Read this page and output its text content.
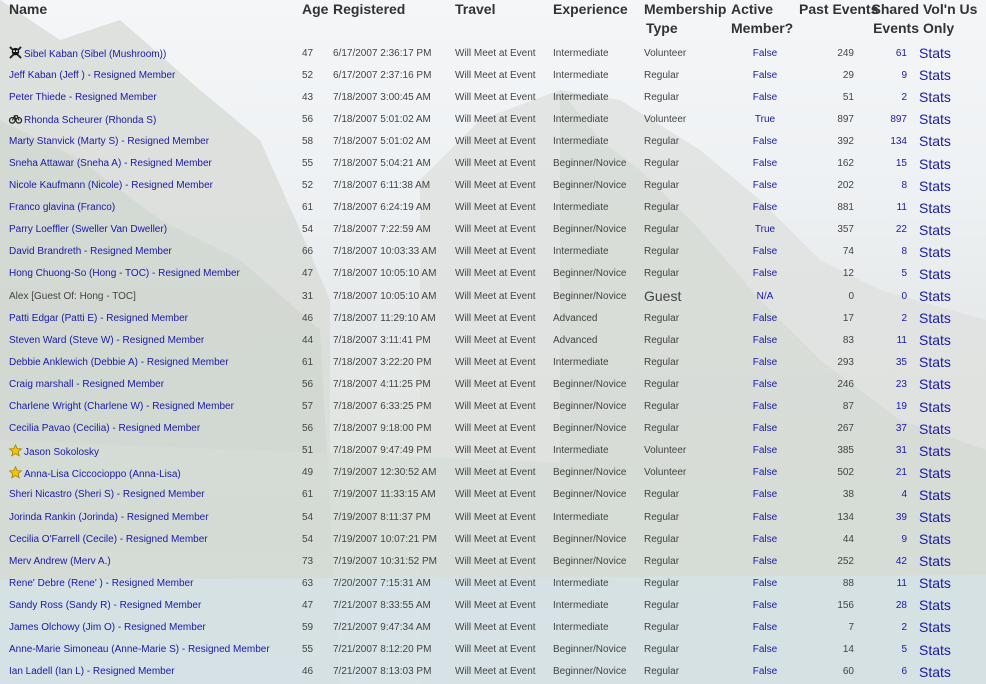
Name	Age	Registered	Travel	Experience	Membership
Type	Active
Member?	Past Events	Shared
Events	Vol'n Us
Only
Sibel Kaban (Sibel (Mushroom))	47	6/17/2007 2:36:17 PM	Will Meet at Event	Intermediate	Volunteer	False	249	61	Stats
Jeff Kaban (Jeff ) - Resigned Member	52	6/17/2007 2:37:16 PM	Will Meet at Event	Intermediate	Regular	False	29	9	Stats
Peter Thiede - Resigned Member	43	7/18/2007 3:00:45 AM	Will Meet at Event	Intermediate	Regular	False	51	2	Stats
Rhonda Scheurer (Rhonda S)	56	7/18/2007 5:01:02 AM	Will Meet at Event	Intermediate	Volunteer	True	897	897	Stats
Marty Stanvick (Marty S) - Resigned Member	58	7/18/2007 5:01:02 AM	Will Meet at Event	Intermediate	Regular	False	392	134	Stats
Sneha Attawar (Sneha A) - Resigned Member	55	7/18/2007 5:04:21 AM	Will Meet at Event	Beginner/Novice	Regular	False	162	15	Stats
Nicole Kaufmann (Nicole) - Resigned Member	52	7/18/2007 6:11:38 AM	Will Meet at Event	Beginner/Novice	Regular	False	202	8	Stats
Franco glavina (Franco)	61	7/18/2007 6:24:19 AM	Will Meet at Event	Intermediate	Regular	False	881	11	Stats
Parry Loeffler (Sweller Van Dweller)	54	7/18/2007 7:22:59 AM	Will Meet at Event	Beginner/Novice	Regular	True	357	22	Stats
David Brandreth - Resigned Member	66	7/18/2007 10:03:33 AM	Will Meet at Event	Intermediate	Regular	False	74	8	Stats
Hong Chuong-So (Hong - TOC) - Resigned Member	47	7/18/2007 10:05:10 AM	Will Meet at Event	Beginner/Novice	Regular	False	12	5	Stats
Alex [Guest Of: Hong - TOC]	31	7/18/2007 10:05:10 AM	Will Meet at Event	Beginner/Novice	Guest	N/A	0	0	Stats
Patti Edgar (Patti E) - Resigned Member	46	7/18/2007 11:29:10 AM	Will Meet at Event	Advanced	Regular	False	17	2	Stats
Steven Ward (Steve W) - Resigned Member	44	7/18/2007 3:11:41 PM	Will Meet at Event	Advanced	Regular	False	83	11	Stats
Debbie Anklewich (Debbie A) - Resigned Member	61	7/18/2007 3:22:20 PM	Will Meet at Event	Intermediate	Regular	False	293	35	Stats
Craig marshall - Resigned Member	56	7/18/2007 4:11:25 PM	Will Meet at Event	Beginner/Novice	Regular	False	246	23	Stats
Charlene Wright (Charlene W) - Resigned Member	57	7/18/2007 6:33:25 PM	Will Meet at Event	Beginner/Novice	Regular	False	87	19	Stats
Cecilia Pavao (Cecilia) - Resigned Member	56	7/18/2007 9:18:00 PM	Will Meet at Event	Beginner/Novice	Regular	False	267	37	Stats
Jason Sokolosky	51	7/18/2007 9:47:49 PM	Will Meet at Event	Intermediate	Volunteer	False	385	31	Stats
Anna-Lisa Ciccocioppo (Anna-Lisa)	49	7/19/2007 12:30:52 AM	Will Meet at Event	Beginner/Novice	Volunteer	False	502	21	Stats
Sheri Nicastro (Sheri S) - Resigned Member	61	7/19/2007 11:33:15 AM	Will Meet at Event	Beginner/Novice	Regular	False	38	4	Stats
Jorinda Rankin (Jorinda) - Resigned Member	54	7/19/2007 8:11:37 PM	Will Meet at Event	Intermediate	Regular	False	134	39	Stats
Cecilia O'Farrell (Cecile) - Resigned Member	54	7/19/2007 10:07:21 PM	Will Meet at Event	Beginner/Novice	Regular	False	44	9	Stats
Merv Andrew (Merv A.)	73	7/19/2007 10:31:52 PM	Will Meet at Event	Beginner/Novice	Regular	False	252	42	Stats
Rene' Debre (Rene' ) - Resigned Member	63	7/20/2007 7:15:31 AM	Will Meet at Event	Intermediate	Regular	False	88	11	Stats
Sandy Ross (Sandy R) - Resigned Member	47	7/21/2007 8:33:55 AM	Will Meet at Event	Intermediate	Regular	False	156	28	Stats
James Olchowy (Jim O) - Resigned Member	59	7/21/2007 9:47:34 AM	Will Meet at Event	Intermediate	Regular	False	7	2	Stats
Anne-Marie Simoneau (Anne-Marie S) - Resigned Member	55	7/21/2007 8:12:20 PM	Will Meet at Event	Beginner/Novice	Regular	False	14	5	Stats
Ian Ladell (Ian L) - Resigned Member	46	7/21/2007 8:13:03 PM	Will Meet at Event	Beginner/Novice	Regular	False	60	6	Stats
